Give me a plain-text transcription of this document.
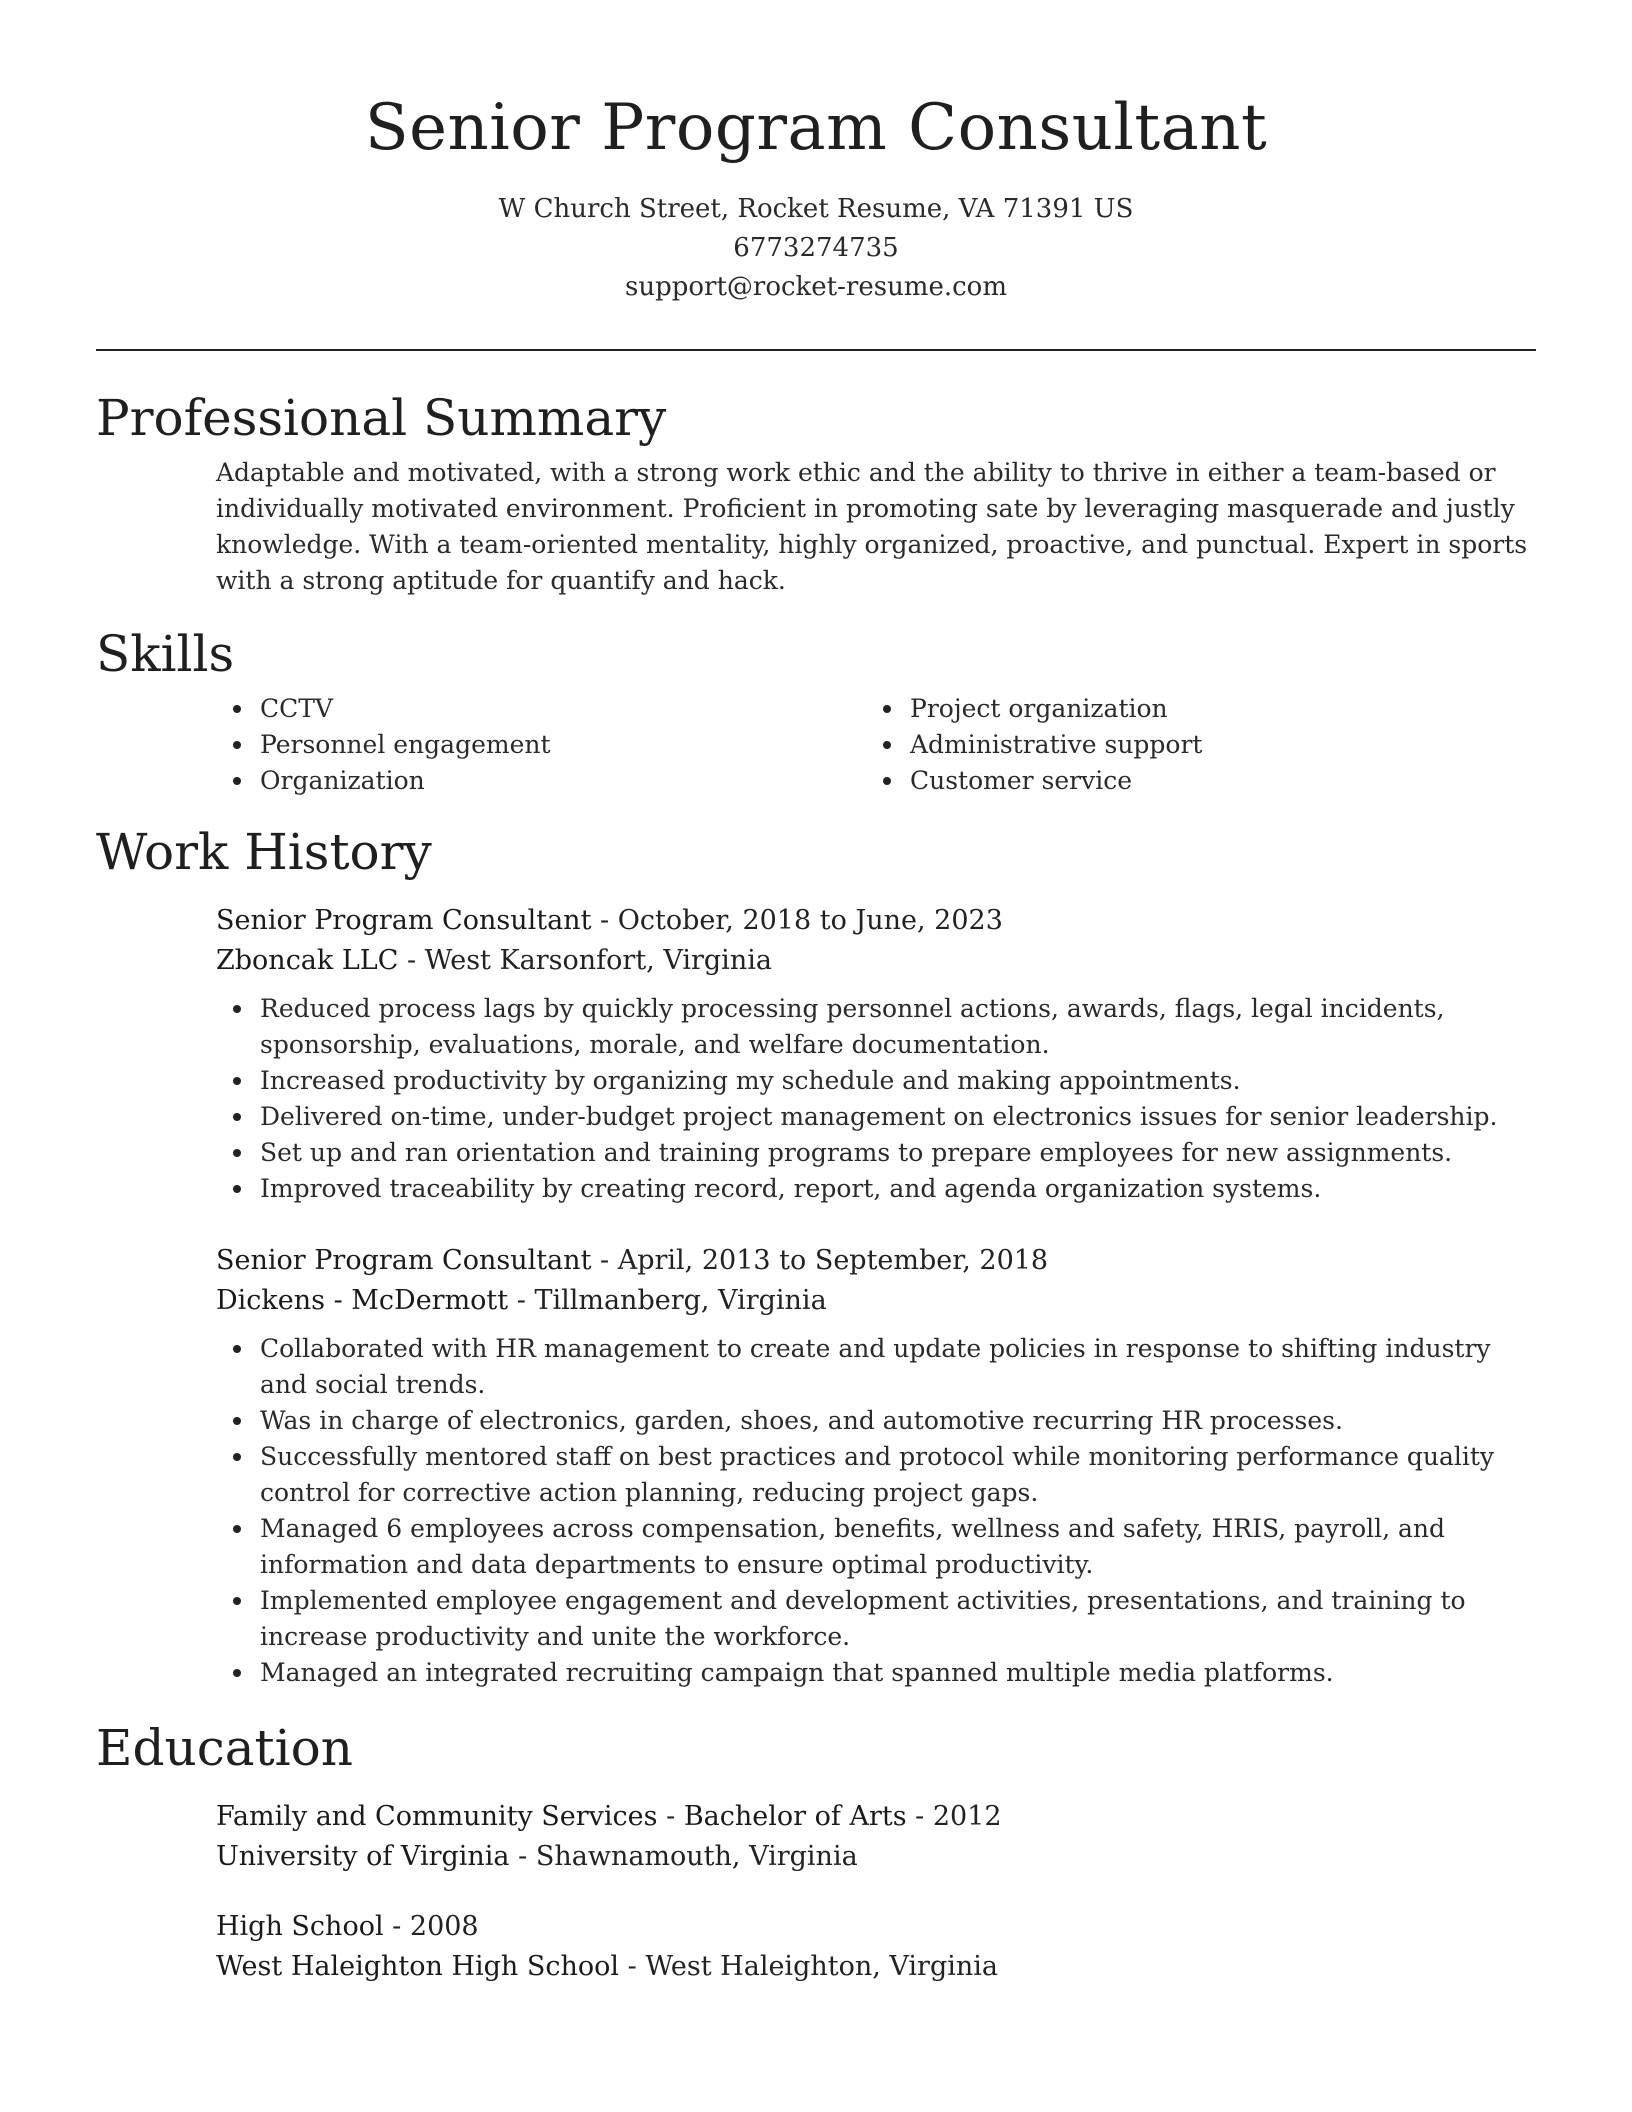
Senior Program Consultant
W Church Street, Rocket Resume, VA 71391 US
6773274735
support@rocket-resume.com
Professional Summary
Adaptable and motivated, with a strong work ethic and the ability to thrive in either a team-based or individually motivated environment. Proficient in promoting sate by leveraging masquerade and justly knowledge. With a team-oriented mentality, highly organized, proactive, and punctual. Expert in sports with a strong aptitude for quantify and hack.
Skills
CCTV
Personnel engagement
Organization
Project organization
Administrative support
Customer service
Work History
Senior Program Consultant - October, 2018 to June, 2023
Zboncak LLC - West Karsonfort, Virginia
Reduced process lags by quickly processing personnel actions, awards, flags, legal incidents, sponsorship, evaluations, morale, and welfare documentation.
Increased productivity by organizing my schedule and making appointments.
Delivered on-time, under-budget project management on electronics issues for senior leadership.
Set up and ran orientation and training programs to prepare employees for new assignments.
Improved traceability by creating record, report, and agenda organization systems.
Senior Program Consultant - April, 2013 to September, 2018
Dickens - McDermott - Tillmanberg, Virginia
Collaborated with HR management to create and update policies in response to shifting industry and social trends.
Was in charge of electronics, garden, shoes, and automotive recurring HR processes.
Successfully mentored staff on best practices and protocol while monitoring performance quality control for corrective action planning, reducing project gaps.
Managed 6 employees across compensation, benefits, wellness and safety, HRIS, payroll, and information and data departments to ensure optimal productivity.
Implemented employee engagement and development activities, presentations, and training to increase productivity and unite the workforce.
Managed an integrated recruiting campaign that spanned multiple media platforms.
Education
Family and Community Services - Bachelor of Arts - 2012
University of Virginia - Shawnamouth, Virginia
High School - 2008
West Haleighton High School - West Haleighton, Virginia
